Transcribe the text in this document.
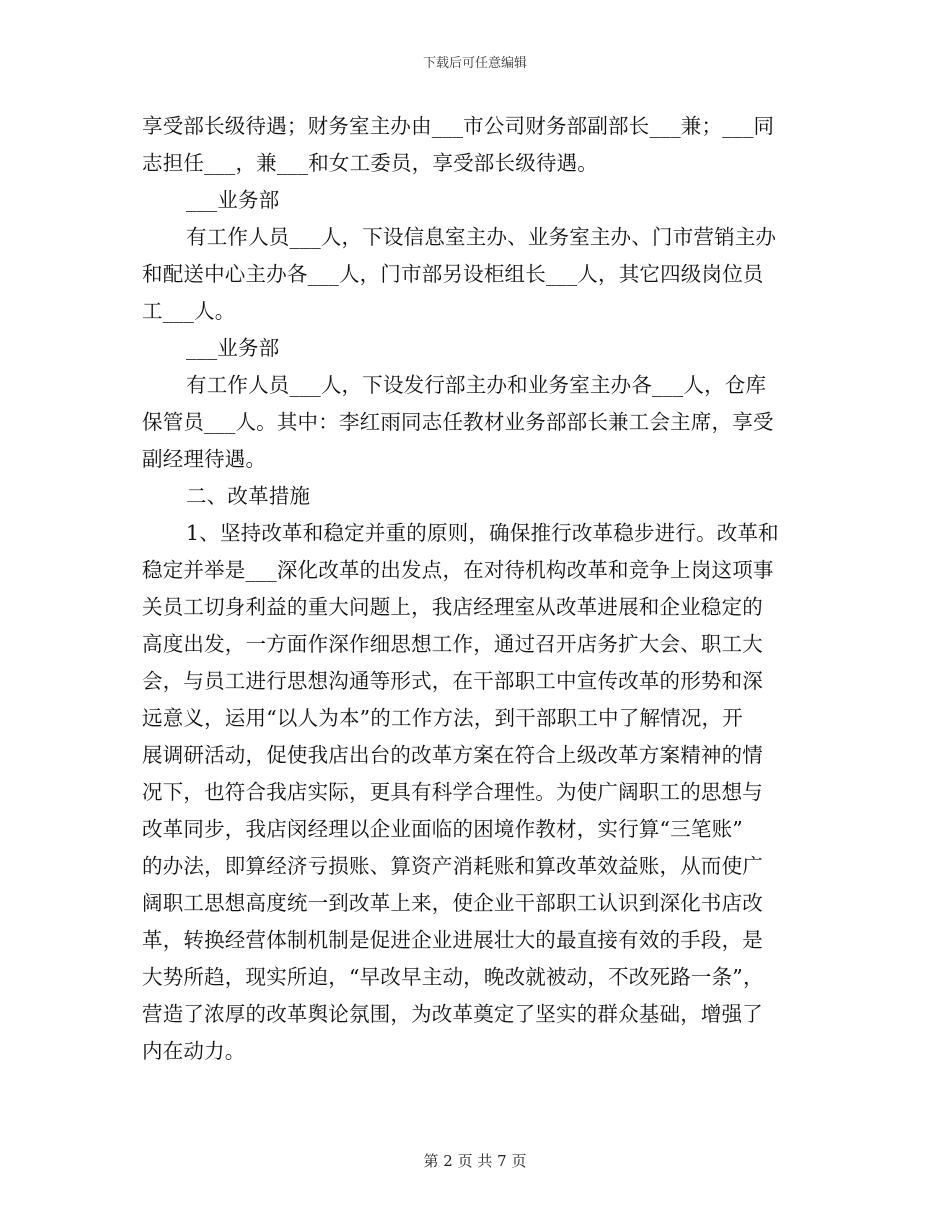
下载后可任意编辑
享受部长级待遇；财务室主办由___市公司财务部副部长___兼；___同
志担任___，兼___和女工委员，享受部长级待遇。
___业务部
有工作人员___人，下设信息室主办、业务室主办、门市营销主办
和配送中心主办各___人，门市部另设柜组长___人，其它四级岗位员
工___人。
___业务部
有工作人员___人，下设发行部主办和业务室主办各___人，仓库
保管员___人。其中：李红雨同志任教材业务部部长兼工会主席，享受
副经理待遇。
二、改革措施
1、坚持改革和稳定并重的原则，确保推行改革稳步进行。改革和
稳定并举是___深化改革的出发点，在对待机构改革和竞争上岗这项事
关员工切身利益的重大问题上，我店经理室从改革进展和企业稳定的
高度出发，一方面作深作细思想工作，通过召开店务扩大会、职工大
会，与员工进行思想沟通等形式，在干部职工中宣传改革的形势和深
远意义，运用“以人为本”的工作方法，到干部职工中了解情况，开
展调研活动，促使我店出台的改革方案在符合上级改革方案精神的情
况下，也符合我店实际，更具有科学合理性。为使广阔职工的思想与
改革同步，我店闵经理以企业面临的困境作教材，实行算“三笔账”
的办法，即算经济亏损账、算资产消耗账和算改革效益账，从而使广
阔职工思想高度统一到改革上来，使企业干部职工认识到深化书店改
革，转换经营体制机制是促进企业进展壮大的最直接有效的手段，是
大势所趋，现实所迫，“早改早主动，晚改就被动，不改死路一条”，
营造了浓厚的改革舆论氛围，为改革奠定了坚实的群众基础，增强了
内在动力。
第 2 页 共 7 页
